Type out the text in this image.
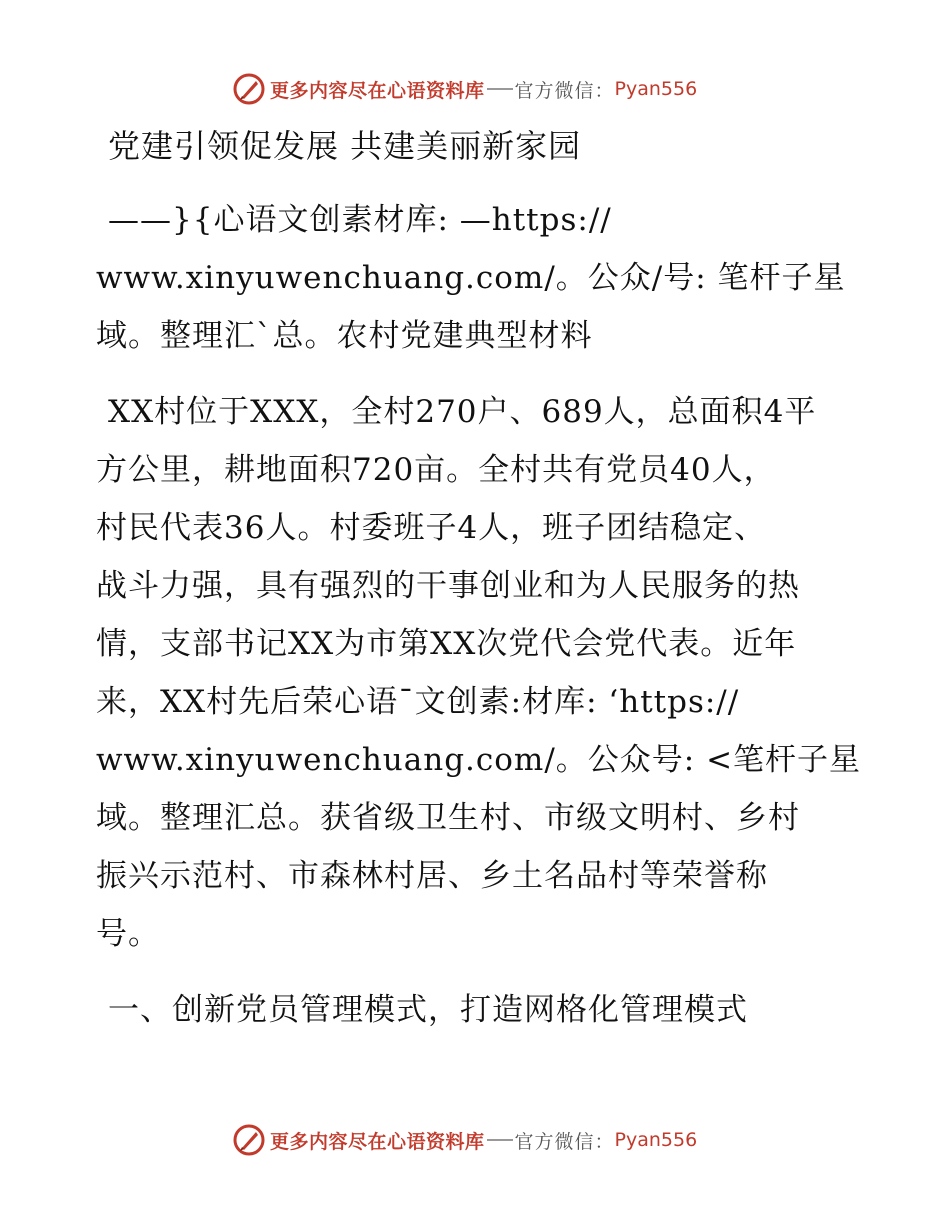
更多内容尽在心语资料库 官方微信： Pyan556
党建引领促发展 共建美丽新家园
——}{心语文创素材库: —https://
www.xinyuwenchuang.com/。公众/号: 笔杆子星
域。整理汇`总。农村党建典型材料
XX村位于XXX，全村270户、689人，总面积4平
方公里，耕地面积720亩。全村共有党员40人，
村民代表36人。村委班子4人，班子团结稳定、
战斗力强，具有强烈的干事创业和为人民服务的热
情，支部书记XX为市第XX次党代会党代表。近年
来，XX村先后荣心语¯文创素:材库: ‘https://
www.xinyuwenchuang.com/。公众号: <笔杆子星
域。整理汇总。获省级卫生村、市级文明村、乡村
振兴示范村、市森林村居、乡土名品村等荣誉称
号。
一、创新党员管理模式，打造网格化管理模式
更多内容尽在心语资料库 官方微信： Pyan556
